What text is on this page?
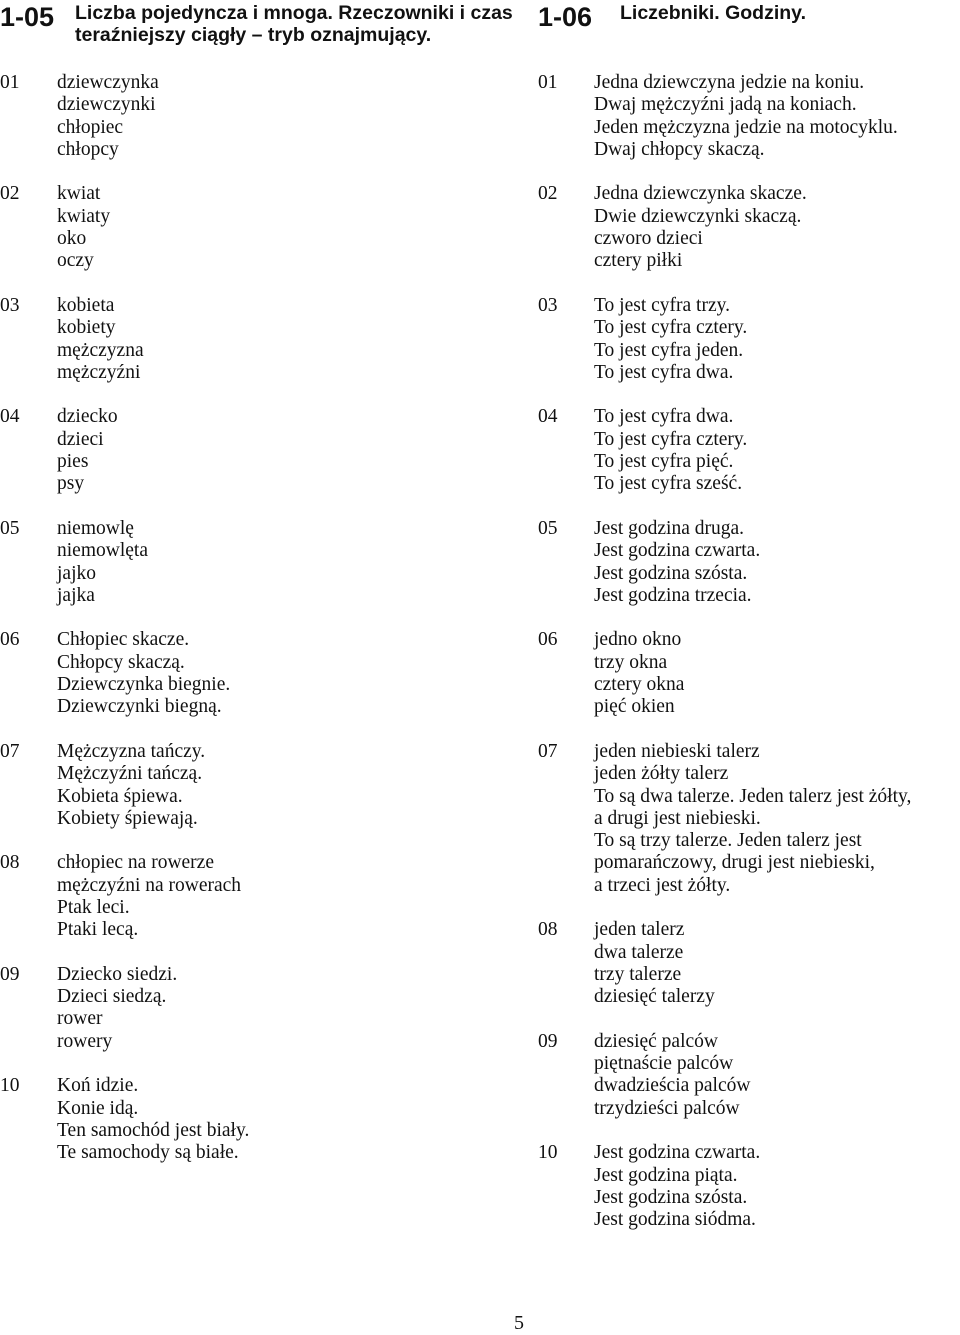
1-05 Liczba pojedyncza i mnoga. Rzeczowniki i czas teraźniejszy ciągły – tryb oznajmujący.
01 dziewczynka
dziewczynki
chłopiec
chłopcy
02 kwiat
kwiaty
oko
oczy
03 kobieta
kobiety
mężczyzna
mężczyźni
04 dziecko
dzieci
pies
psy
05 niemowlę
niemowlęta
jajko
jajka
06 Chłopiec skacze.
Chłopcy skaczą.
Dziewczynka biegnie.
Dziewczynki biegną.
07 Mężczyzna tańczy.
Mężczyźni tańczą.
Kobieta śpiewa.
Kobiety śpiewają.
08 chłopiec na rowerze
mężczyźni na rowerach
Ptak leci.
Ptaki lecą.
09 Dziecko siedzi.
Dzieci siedzą.
rower
rowery
10 Koń idzie.
Konie idą.
Ten samochód jest biały.
Te samochody są białe.
1-06 Liczebniki. Godziny.
01 Jedna dziewczyna jedzie na koniu.
Dwaj mężczyźni jadą na koniach.
Jeden mężczyzna jedzie na motocyklu.
Dwaj chłopcy skaczą.
02 Jedna dziewczynka skacze.
Dwie dziewczynki skaczą.
czworo dzieci
cztery piłki
03 To jest cyfra trzy.
To jest cyfra cztery.
To jest cyfra jeden.
To jest cyfra dwa.
04 To jest cyfra dwa.
To jest cyfra cztery.
To jest cyfra pięć.
To jest cyfra sześć.
05 Jest godzina druga.
Jest godzina czwarta.
Jest godzina szósta.
Jest godzina trzecia.
06 jedno okno
trzy okna
cztery okna
pięć okien
07 jeden niebieski talerz
jeden żółty talerz
To są dwa talerze. Jeden talerz jest żółty,
a drugi jest niebieski.
To są trzy talerze. Jeden talerz jest
pomarańczowy, drugi jest niebieski,
a trzeci jest żółty.
08 jeden talerz
dwa talerze
trzy talerze
dziesięć talerzy
09 dziesięć palców
piętnaście palców
dwadzieścia palców
trzydzieści palców
10 Jest godzina czwarta.
Jest godzina piąta.
Jest godzina szósta.
Jest godzina siódma.
5
